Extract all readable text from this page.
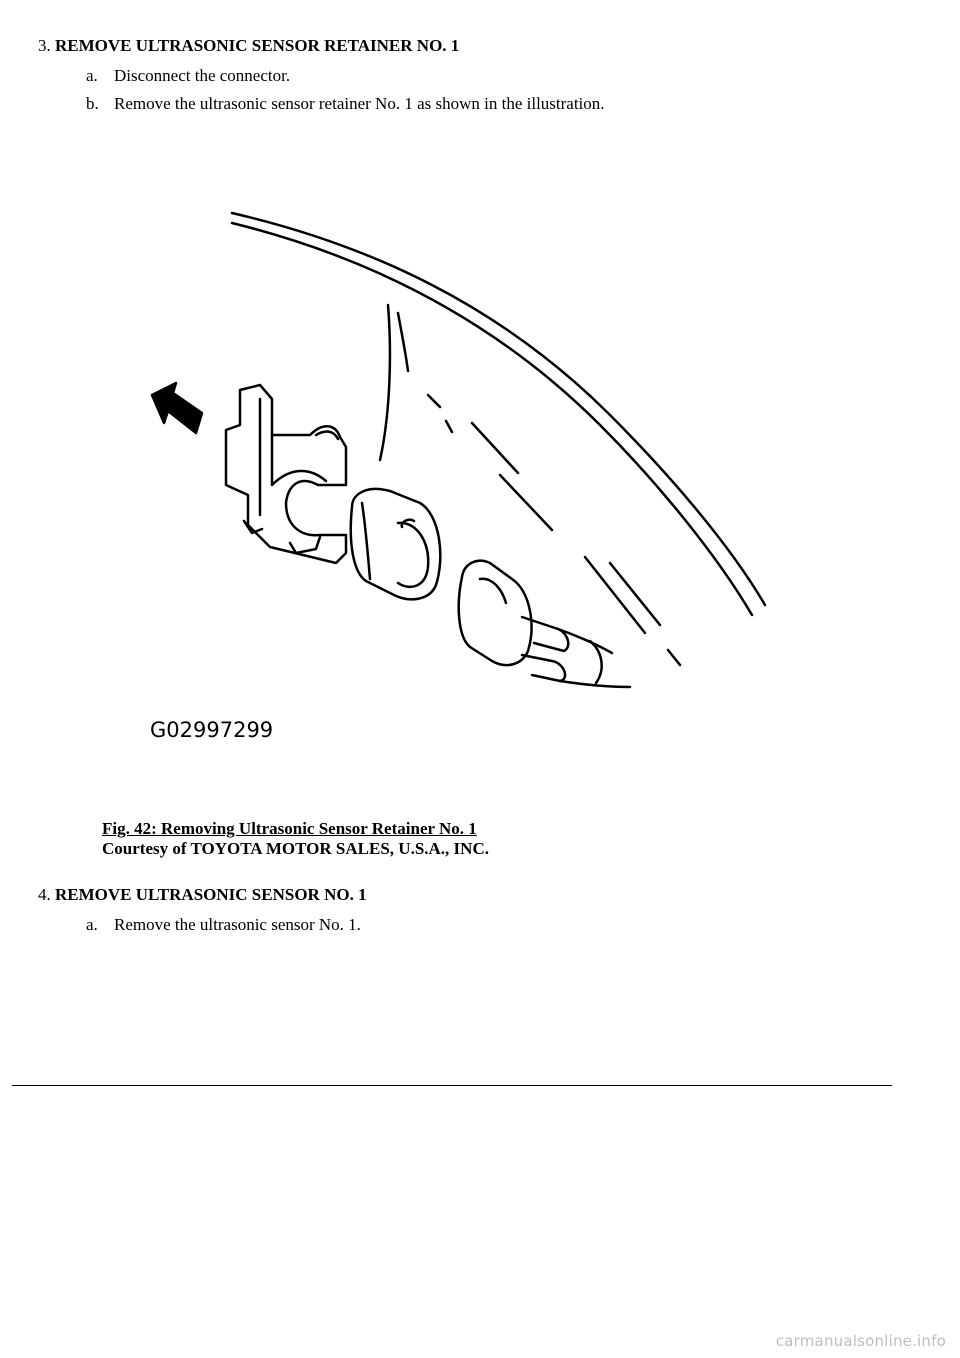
3. REMOVE ULTRASONIC SENSOR RETAINER NO. 1
a. Disconnect the connector.
b. Remove the ultrasonic sensor retainer No. 1 as shown in the illustration.
G02997299
Fig. 42: Removing Ultrasonic Sensor Retainer No. 1
Courtesy of TOYOTA MOTOR SALES, U.S.A., INC.
4. REMOVE ULTRASONIC SENSOR NO. 1
a. Remove the ultrasonic sensor No. 1.
carmanualsonline.info
